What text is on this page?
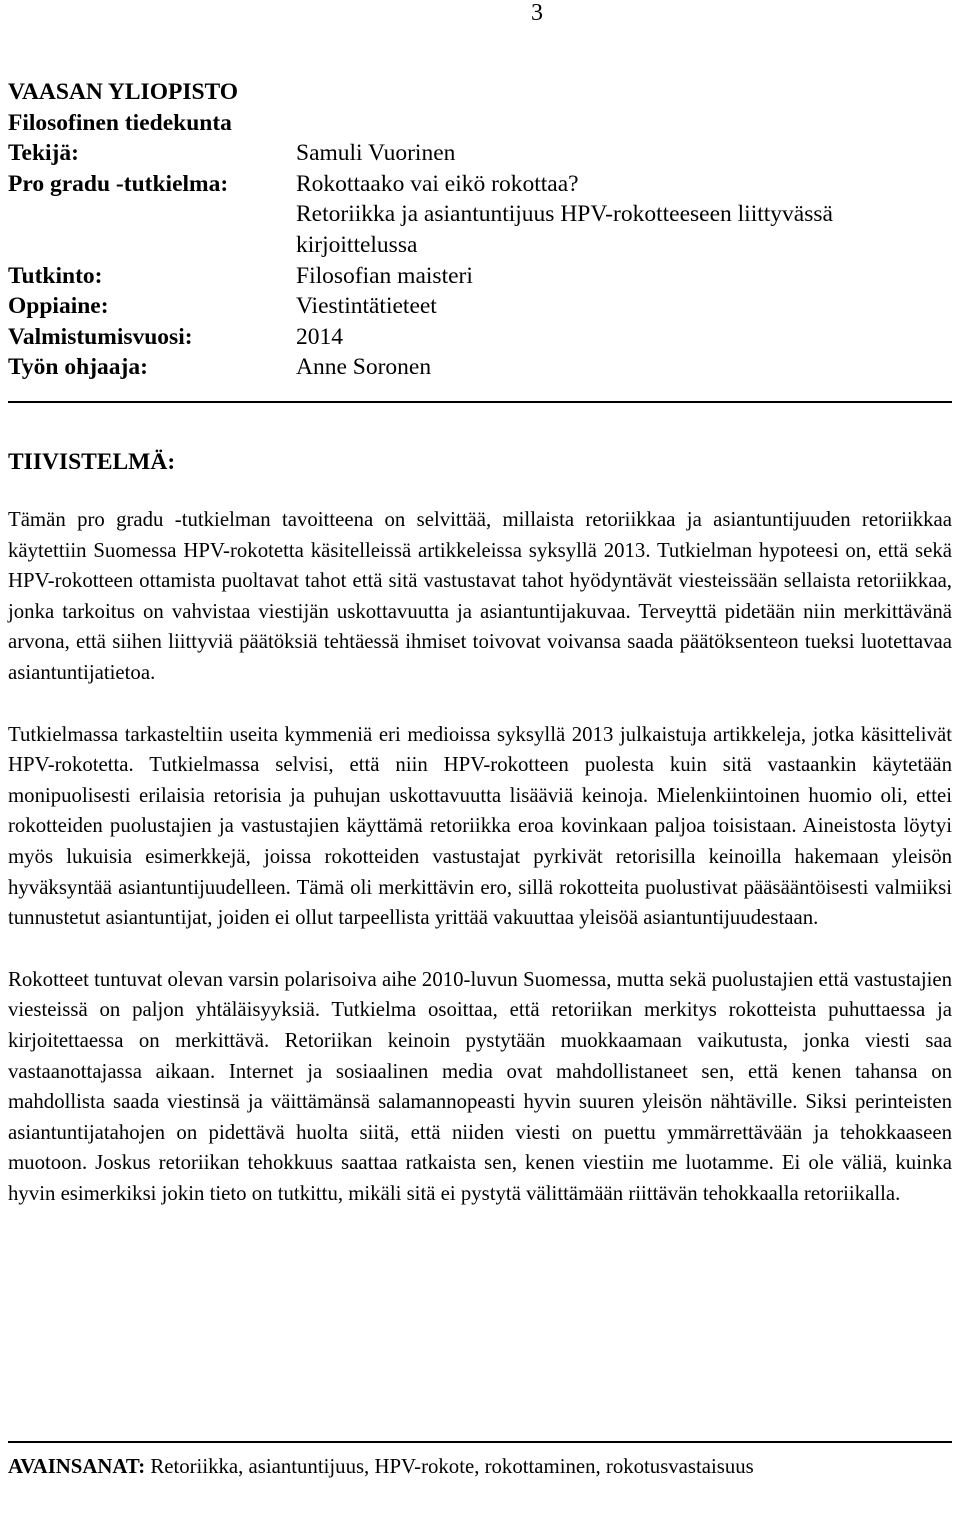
3
VAASAN YLIOPISTO
Filosofinen tiedekunta
Tekijä:	Samuli Vuorinen
Pro gradu -tutkielma:	Rokottaako vai eikö rokottaa?
Retoriikka ja asiantuntijuus HPV-rokotteeseen liittyvässä kirjoittelussa
Tutkinto:	Filosofian maisteri
Oppiaine:	Viestintätieteet
Valmistumisvuosi:	2014
Työn ohjaaja:	Anne Soronen
TIIVISTELMÄ:

Tämän pro gradu -tutkielman tavoitteena on selvittää, millaista retoriikkaa ja asiantuntijuuden retoriikkaa käytettiin Suomessa HPV-rokotetta käsitelleissä artikkeleissa syksyllä 2013. Tutkielman hypoteesi on, että sekä HPV-rokotteen ottamista puoltavat tahot että sitä vastustavat tahot hyödyntävät viesteissään sellaista retoriikkaa, jonka tarkoitus on vahvistaa viestijän uskottavuutta ja asiantuntijakuvaa. Terveyttä pidetään niin merkittävänä arvona, että siihen liittyviä päätöksiä tehtäessä ihmiset toivovat voivansa saada päätöksenteon tueksi luotettavaa asiantuntijatietoa.

Tutkielmassa tarkasteltiin useita kymmeniä eri medioissa syksyllä 2013 julkaistuja artikkeleja, jotka käsittelivät HPV-rokotetta. Tutkielmassa selvisi, että niin HPV-rokotteen puolesta kuin sitä vastaankin käytetään monipuolisesti erilaisia retorisia ja puhujan uskottavuutta lisääviä keinoja. Mielenkiintoinen huomio oli, ettei rokotteiden puolustajien ja vastustajien käyttämä retoriikka eroa kovinkaan paljoa toisistaan. Aineistosta löytyi myös lukuisia esimerkkejä, joissa rokotteiden vastustajat pyrkivät retorisilla keinoilla hakemaan yleisön hyväksyntää asiantuntijuudelleen. Tämä oli merkittävin ero, sillä rokotteita puolustivat pääsääntöisesti valmiiksi tunnustetut asiantuntijat, joiden ei ollut tarpeellista yrittää vakuuttaa yleisöä asiantuntijuudestaan.

Rokotteet tuntuvat olevan varsin polarisoiva aihe 2010-luvun Suomessa, mutta sekä puolustajien että vastustajien viesteissä on paljon yhtäläisyyksiä. Tutkielma osoittaa, että retoriikan merkitys rokotteista puhuttaessa ja kirjoitettaessa on merkittävä. Retoriikan keinoin pystytään muokkaamaan vaikutusta, jonka viesti saa vastaanottajassa aikaan. Internet ja sosiaalinen media ovat mahdollistaneet sen, että kenen tahansa on mahdollista saada viestinsä ja väittämänsä salamannopeasti hyvin suuren yleisön nähtäville. Siksi perinteisten asiantuntijatahojen on pidettävä huolta siitä, että niiden viesti on puettu ymmärrettävään ja tehokkaaseen muotoon. Joskus retoriikan tehokkuus saattaa ratkaista sen, kenen viestiin me luotamme. Ei ole väliä, kuinka hyvin esimerkiksi jokin tieto on tutkittu, mikäli sitä ei pystytä välittämään riittävän tehokkaalla retoriikalla.

AVAINSANAT: Retoriikka, asiantuntijuus, HPV-rokote, rokottaminen, rokotusvastaisuus
